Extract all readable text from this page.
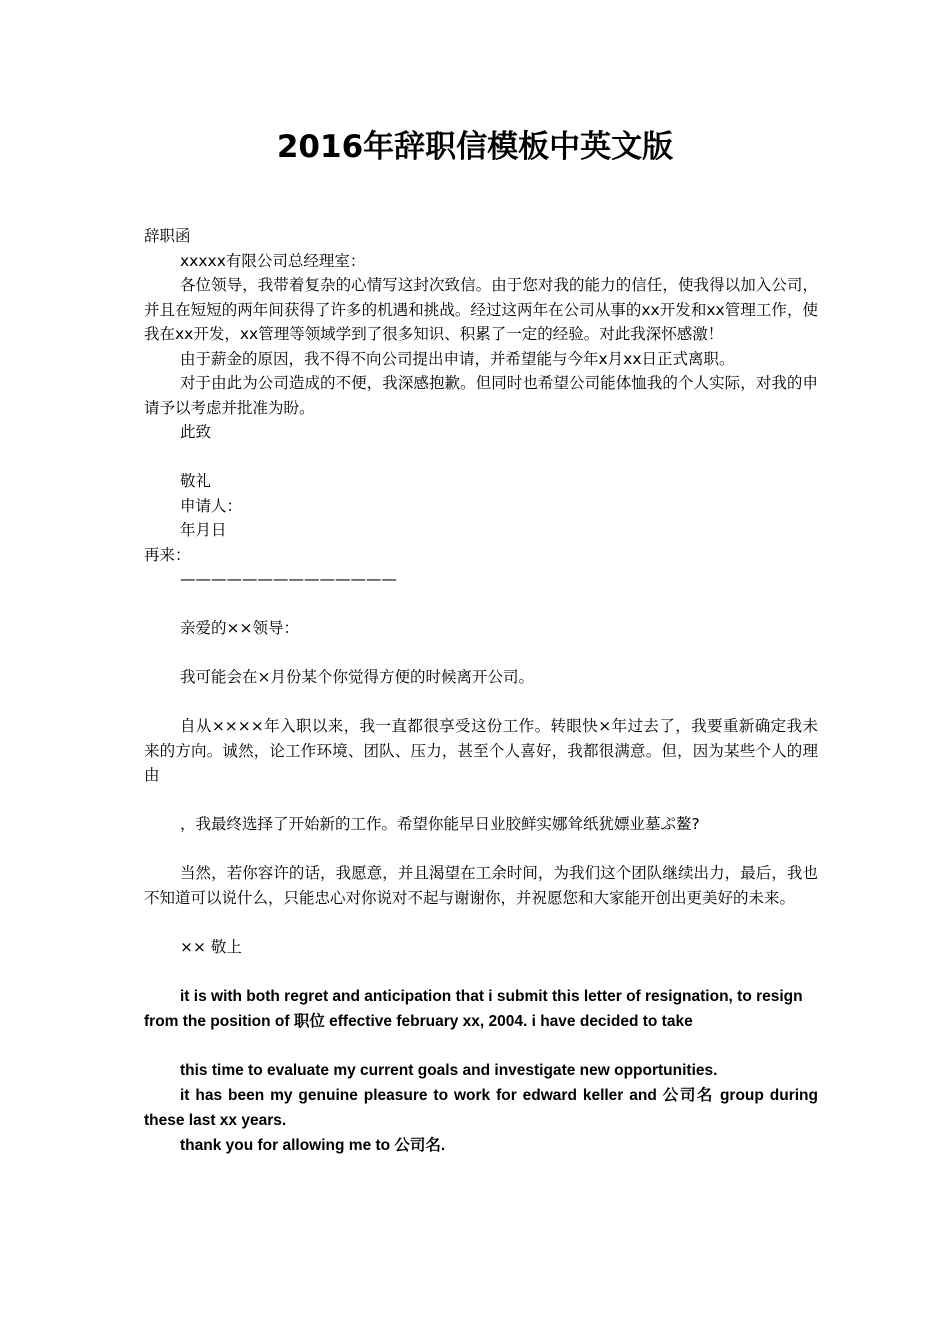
2016年辞职信模板中英文版

辞职函

xxxxx有限公司总经理室：

各位领导，我带着复杂的心情写这封次致信。由于您对我的能力的信任，使我得以加入公司，并且在短短的两年间获得了许多的机遇和挑战。经过这两年在公司从事的xx开发和xx管理工作，使我在xx开发，xx管理等领域学到了很多知识、积累了一定的经验。对此我深怀感激！

由于薪金的原因，我不得不向公司提出申请，并希望能与今年x月xx日正式离职。

对于由此为公司造成的不便，我深感抱歉。但同时也希望公司能体恤我的个人实际，对我的申请予以考虑并批准为盼。

此致

敬礼

申请人：

年月日

再来：

——————————————

亲爱的××领导：

我可能会在×月份某个你觉得方便的时候离开公司。

自从××××年入职以来，我一直都很享受这份工作。转眼快×年过去了，我要重新确定我未来的方向。诚然，论工作环境、团队、压力，甚至个人喜好，我都很满意。但，因为某些个人的理由

，我最终选择了开始新的工作。希望你能早日业胶鲜实娜耸纸犹嫖业墓ぷ鳌?

当然，若你容许的话，我愿意，并且渴望在工余时间，为我们这个团队继续出力，最后，我也不知道可以说什么，只能忠心对你说对不起与谢谢你，并祝愿您和大家能开创出更美好的未来。

×× 敬上

it is with both regret and anticipation that i submit this letter of resignation, to resign from the position of 职位 effective february xx, 2004. i have decided to take

this time to evaluate my current goals and investigate new opportunities.

it has been my genuine pleasure to work for edward keller and 公司名 group during these last xx years.

thank you for allowing me to 公司名.
